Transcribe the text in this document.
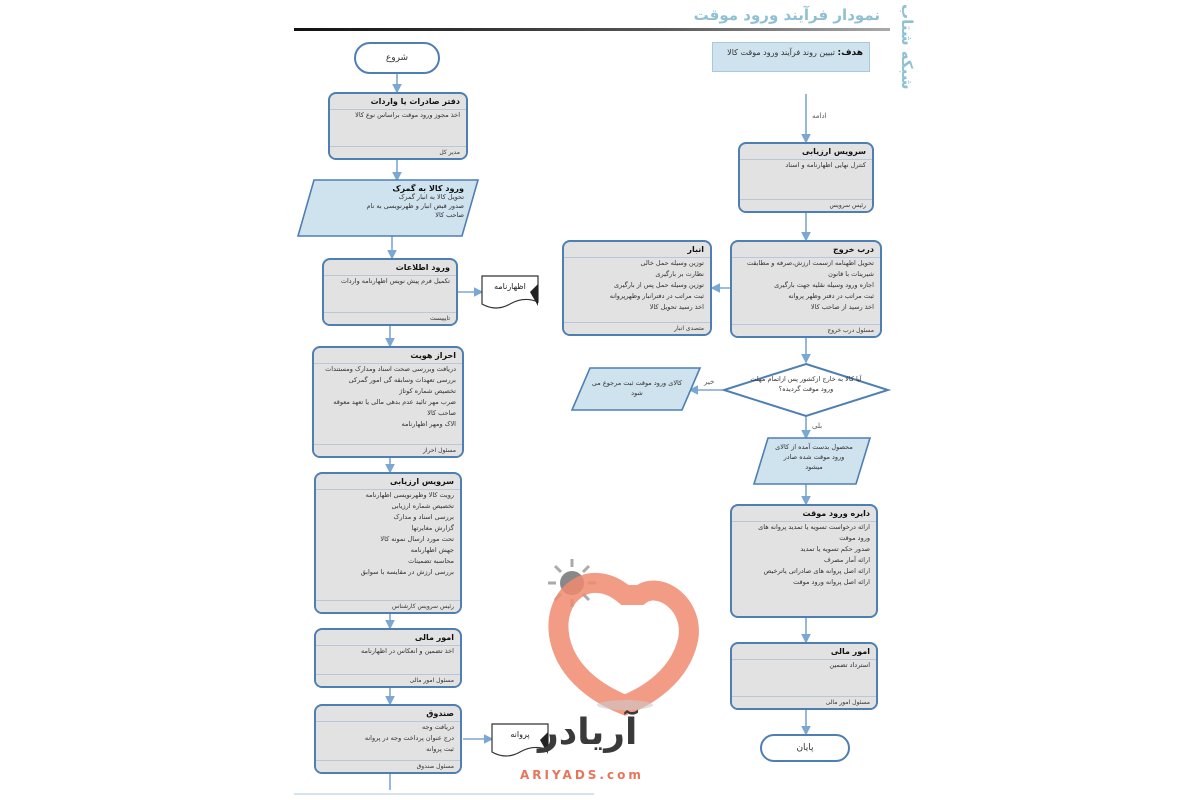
نمودار فرآیند ورود موقت شبکه شتاب
هدف: تبیین روند فرآیند ورود موقت کالا
شروع
پایان
دفتر صادرات یا واردات
اخذ مجوز ورود موقت براساس نوع کالا
مدیر کل
ورود کالا به گمرک
تحویل کالا به انبار گمرک
صدور قبض انبار و ظهرنویسی به نام
صاحب کالا
ورود اطلاعات
تکمیل فرم پیش نویس اظهارنامه واردات
تایپیست
احراز هویت
دریافت وبررسی صحت اسناد ومدارک ومستندات
بررسی تعهدات وسابقه گی امور گمرکی
تخصیص شماره کوتاژ
ضرب مهر تائید عدم بدهی مالی یا تعهد معوقه
صاحب کالا
الاک ومهر اظهارنامه
مسئول احراز
سرویس ارزیابی
رویت کالا وظهرنویسی اظهارنامه
تخصیص شماره ارزیابی
بررسی اسناد و مدارک
گزارش مغایرتها
تحت مورد ارسال نمونه کالا
جهش اظهارنامه
محاسبه تضمینات
بررسی ارزش در مقایسه با سوابق
رئیس سرویس کارشناس
امور مالی
اخذ تضمین و انعکاس در اظهارنامه
مسئول امور مالی
صندوق
دریافت وجه
درج عنوان پرداخت وجه در پروانه
ثبت پروانه
مسئول صندوق
اظهارنامه
پروانه
ادامه
سرویس ارزیابی
کنترل نهایی اظهارنامه و اسناد
رئیس سرویس
درب خروج
تحویل اظهنامه ازسمت ارزش،صرفه و مطابقت
شیرینات با قانون
اجازه ورود وسیله نقلیه جهت بارگیری
ثبت مراتب در دفتر وظهر پروانه
اخذ رسید از صاحب کالا
مسئول درب خروج
انبار
توزین وسیله حمل خالی
نظارت بر بارگیری
توزین وسیله حمل پس از بارگیری
ثبت مراتب در دفترانبار وظهرپروانه
اخذ رسید تحویل کالا
متصدی انبار
آیا کالا به خارج ازکشور پس ازاتمام مهلت ورود موقت گردیده؟
خیر
بلی
کالای ورود موقت ثبت مرجوع می شود
محصول بدست آمده از کالای ورود موقت شده صادر میشود
دایره ورود موقت
ارائه درخواست تسویه یا تمدید پروانه های
ورود موقت
صدور حکم تسویه یا تمدید
ارائه آمار مصرف
ارائه اصل پروانه های صادراتی یاترخیص
ارائه اصل پروانه ورود موقت
امور مالی
استرداد تضمین
مسئول امور مالی
آریادر
ARIYADS.com
